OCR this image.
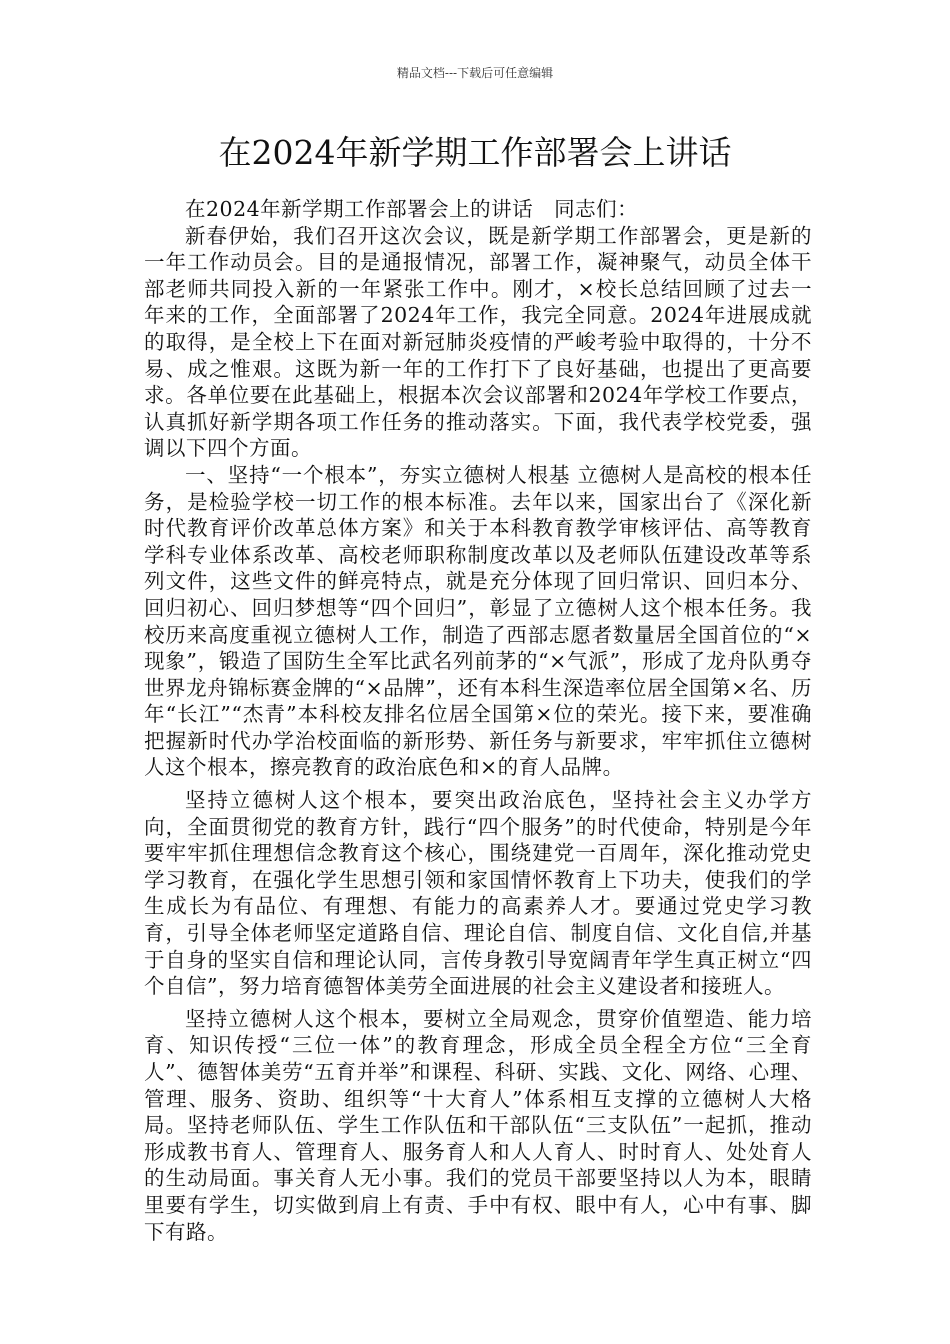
精品文档---下载后可任意编辑
在2024年新学期工作部署会上讲话

在2024年新学期工作部署会上的讲话　同志们：

新春伊始，我们召开这次会议，既是新学期工作部署会，更是新的一年工作动员会。目的是通报情况，部署工作，凝神聚气，动员全体干部老师共同投入新的一年紧张工作中。刚才，×校长总结回顾了过去一年来的工作，全面部署了2024年工作，我完全同意。2024年进展成就的取得，是全校上下在面对新冠肺炎疫情的严峻考验中取得的，十分不易、成之惟艰。这既为新一年的工作打下了良好基础，也提出了更高要求。各单位要在此基础上，根据本次会议部署和2024年学校工作要点，认真抓好新学期各项工作任务的推动落实。下面，我代表学校党委，强调以下四个方面。

一、坚持“一个根本”，夯实立德树人根基 立德树人是高校的根本任务，是检验学校一切工作的根本标准。去年以来，国家出台了《深化新时代教育评价改革总体方案》和关于本科教育教学审核评估、高等教育学科专业体系改革、高校老师职称制度改革以及老师队伍建设改革等系列文件，这些文件的鲜亮特点，就是充分体现了回归常识、回归本分、回归初心、回归梦想等“四个回归”，彰显了立德树人这个根本任务。我校历来高度重视立德树人工作，制造了西部志愿者数量居全国首位的“×现象”，锻造了国防生全军比武名列前茅的“×气派”，形成了龙舟队勇夺世界龙舟锦标赛金牌的“×品牌”，还有本科生深造率位居全国第×名、历年“长江”“杰青”本科校友排名位居全国第×位的荣光。接下来，要准确把握新时代办学治校面临的新形势、新任务与新要求，牢牢抓住立德树人这个根本，擦亮教育的政治底色和×的育人品牌。

坚持立德树人这个根本，要突出政治底色，坚持社会主义办学方向，全面贯彻党的教育方针，践行“四个服务”的时代使命，特别是今年要牢牢抓住理想信念教育这个核心，围绕建党一百周年，深化推动党史学习教育，在强化学生思想引领和家国情怀教育上下功夫，使我们的学生成长为有品位、有理想、有能力的高素养人才。要通过党史学习教育，引导全体老师坚定道路自信、理论自信、制度自信、文化自信,并基于自身的坚实自信和理论认同，言传身教引导宽阔青年学生真正树立“四个自信”，努力培育德智体美劳全面进展的社会主义建设者和接班人。

坚持立德树人这个根本，要树立全局观念，贯穿价值塑造、能力培育、知识传授“三位一体”的教育理念，形成全员全程全方位“三全育人”、德智体美劳“五育并举”和课程、科研、实践、文化、网络、心理、管理、服务、资助、组织等“十大育人”体系相互支撑的立德树人大格局。坚持老师队伍、学生工作队伍和干部队伍“三支队伍”一起抓，推动形成教书育人、管理育人、服务育人和人人育人、时时育人、处处育人的生动局面。事关育人无小事。我们的党员干部要坚持以人为本，眼睛里要有学生，切实做到肩上有责、手中有权、眼中有人，心中有事、脚下有路。
